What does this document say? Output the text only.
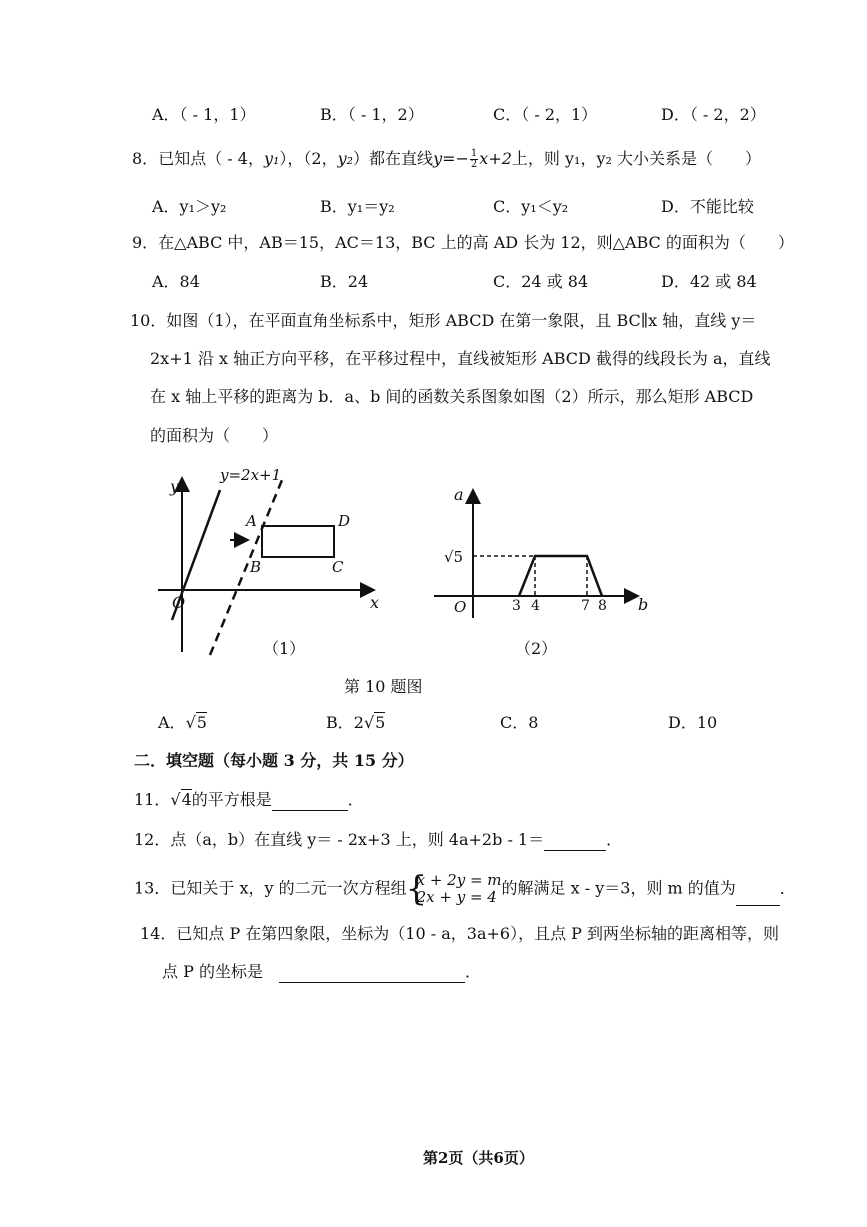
A．（ - 1，1）	B．（ - 1，2）	C．（ - 2，1）	D．（ - 2，2）
8．已知点（ - 4，y₁），（2，y₂）都在直线$y=- \frac{1}{2} x+2$上，则 y₁，y₂ 大小关系是（　　）
A．y₁＞y₂	B．y₁＝y₂	C．y₁＜y₂	D．不能比较
9．在△ABC 中，AB＝15，AC＝13，BC 上的高 AD 长为 12，则△ABC 的面积为（　　）
A．84	B．24	C．24 或 84	D．42 或 84
10．如图（1），在平面直角坐标系中，矩形 ABCD 在第一象限，且 BC∥x 轴，直线 y＝
2x+1 沿 x 轴正方向平移，在平移过程中，直线被矩形 ABCD 截得的线段长为 a，直线
在 x 轴上平移的距离为 b．a、b 间的函数关系图象如图（2）所示，那么矩形 ABCD
的面积为（　　）
y=2x+1
y
x
O
A
B	C
D
（1）
a
b
O
√5
3 4	7 8
（2）
第 10 题图
A．√5	B．2√5	C．8	D．10
二．填空题（每小题 3 分，共 15 分）
11．√4的平方根是	．
12．点（a，b）在直线 y＝ - 2x+3 上，则 4a+2b - 1＝	．
13．已知关于 x，y 的二元一次方程组 {
x + 2y = m
2x + y = 4 的解满足 x - y＝3，则 m 的值为	．
14．已知点 P 在第四象限，坐标为（10 - a，3a+6），且点 P 到两坐标轴的距离相等，则
点 P 的坐标是　	．
第2页（共6页）
